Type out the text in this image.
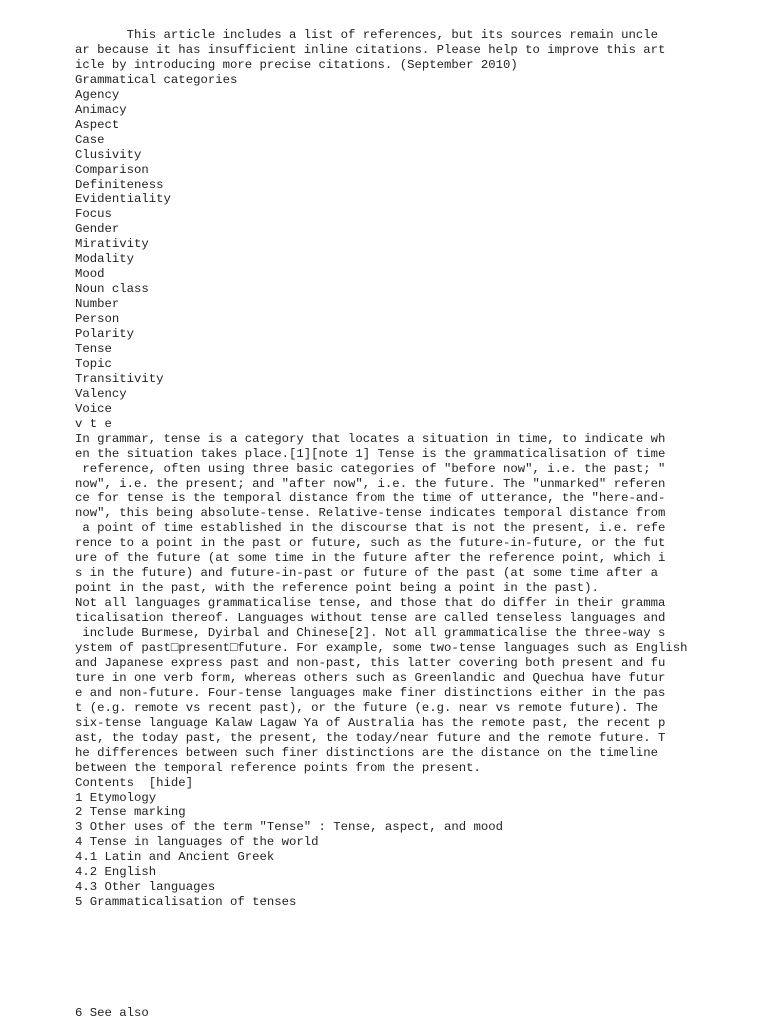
This article includes a list of references, but its sources remain uncle
ar because it has insufficient inline citations. Please help to improve this art
icle by introducing more precise citations. (September 2010)
Grammatical categories
Agency
Animacy
Aspect
Case
Clusivity
Comparison
Definiteness
Evidentiality
Focus
Gender
Mirativity
Modality
Mood
Noun class
Number
Person
Polarity
Tense
Topic
Transitivity
Valency
Voice
v t e
In grammar, tense is a category that locates a situation in time, to indicate wh
en the situation takes place.[1][note 1] Tense is the grammaticalisation of time
reference, often using three basic categories of "before now", i.e. the past; "
now", i.e. the present; and "after now", i.e. the future. The "unmarked" referen
ce for tense is the temporal distance from the time of utterance, the "here-and-
now", this being absolute-tense. Relative-tense indicates temporal distance from
a point of time established in the discourse that is not the present, i.e. refe
rence to a point in the past or future, such as the future-in-future, or the fut
ure of the future (at some time in the future after the reference point, which i
s in the future) and future-in-past or future of the past (at some time after a
point in the past, with the reference point being a point in the past).
Not all languages grammaticalise tense, and those that do differ in their gramma
ticalisation thereof. Languages without tense are called tenseless languages and
include Burmese, Dyirbal and Chinese[2]. Not all grammaticalise the three-way s
ystem of past□present□future. For example, some two-tense languages such as English
and Japanese express past and non-past, this latter covering both present and fu
ture in one verb form, whereas others such as Greenlandic and Quechua have futur
e and non-future. Four-tense languages make finer distinctions either in the pas
t (e.g. remote vs recent past), or the future (e.g. near vs remote future). The
six-tense language Kalaw Lagaw Ya of Australia has the remote past, the recent p
ast, the today past, the present, the today/near future and the remote future. T
he differences between such finer distinctions are the distance on the timeline
between the temporal reference points from the present.
Contents  [hide]
1 Etymology
2 Tense marking
3 Other uses of the term "Tense" : Tense, aspect, and mood
4 Tense in languages of the world
4.1 Latin and Ancient Greek
4.2 English
4.3 Other languages
5 Grammaticalisation of tenses
6 See also
